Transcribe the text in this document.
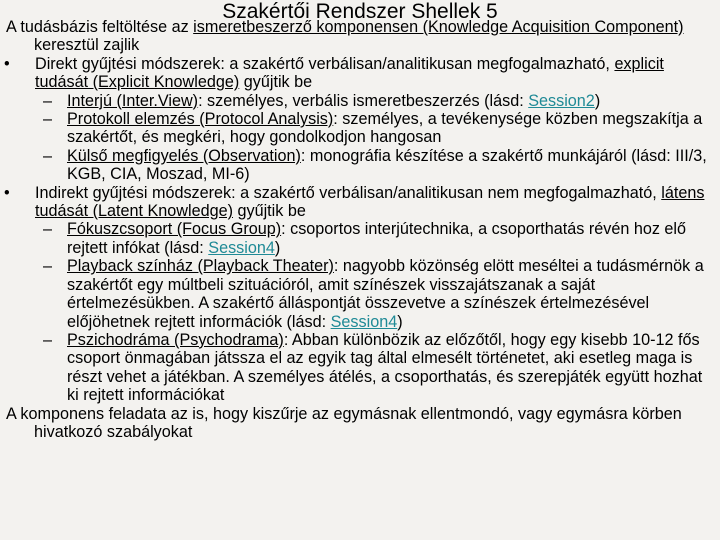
Szakértői Rendszer Shellek 5
A tudásbázis feltöltése az ismeretbeszerző komponensen (Knowledge Acquisition Component) keresztül zajlik
• Direkt gyűjtési módszerek: a szakértő verbálisan/analitikusan megfogalmazható, explicit tudását (Explicit Knowledge) gyűjtik be
– Interjú (Inter.View): személyes, verbális ismeretbeszerzés (lásd: Session2)
– Protokoll elemzés (Protocol Analysis): személyes, a tevékenysége közben megszakítja a szakértőt, és megkéri, hogy gondolkodjon hangosan
– Külső megfigyelés (Observation): monográfia készítése a szakértő munkájáról (lásd: III/3, KGB, CIA, Moszad, MI-6)
• Indirekt gyűjtési módszerek: a szakértő verbálisan/analitikusan nem megfogalmazható, látens tudását (Latent Knowledge) gyűjtik be
– Fókuszcsoport (Focus Group): csoportos interjútechnika, a csoporthatás révén hoz elő rejtett infókat (lásd: Session4)
– Playback színház (Playback Theater): nagyobb közönség elött meséltei a tudásmérnök a szakértőt egy múltbeli szituációról, amit színészek visszajátszanak a saját értelmezésükben. A szakértő álláspontját összevetve a színészek értelmezésével előjöhetnek rejtett információk (lásd: Session4)
– Pszichodráma (Psychodrama): Abban különbözik az előzőtől, hogy egy kisebb 10-12 fős csoport önmagában játssza el az egyik tag által elmesélt történetet, aki esetleg maga is részt vehet a játékban. A személyes átélés, a csoporthatás, és szerepjáték együtt hozhat ki rejtett információkat
A komponens feladata az is, hogy kiszűrje az egymásnak ellentmondó, vagy egymásra körben hivatkozó szabályokat
